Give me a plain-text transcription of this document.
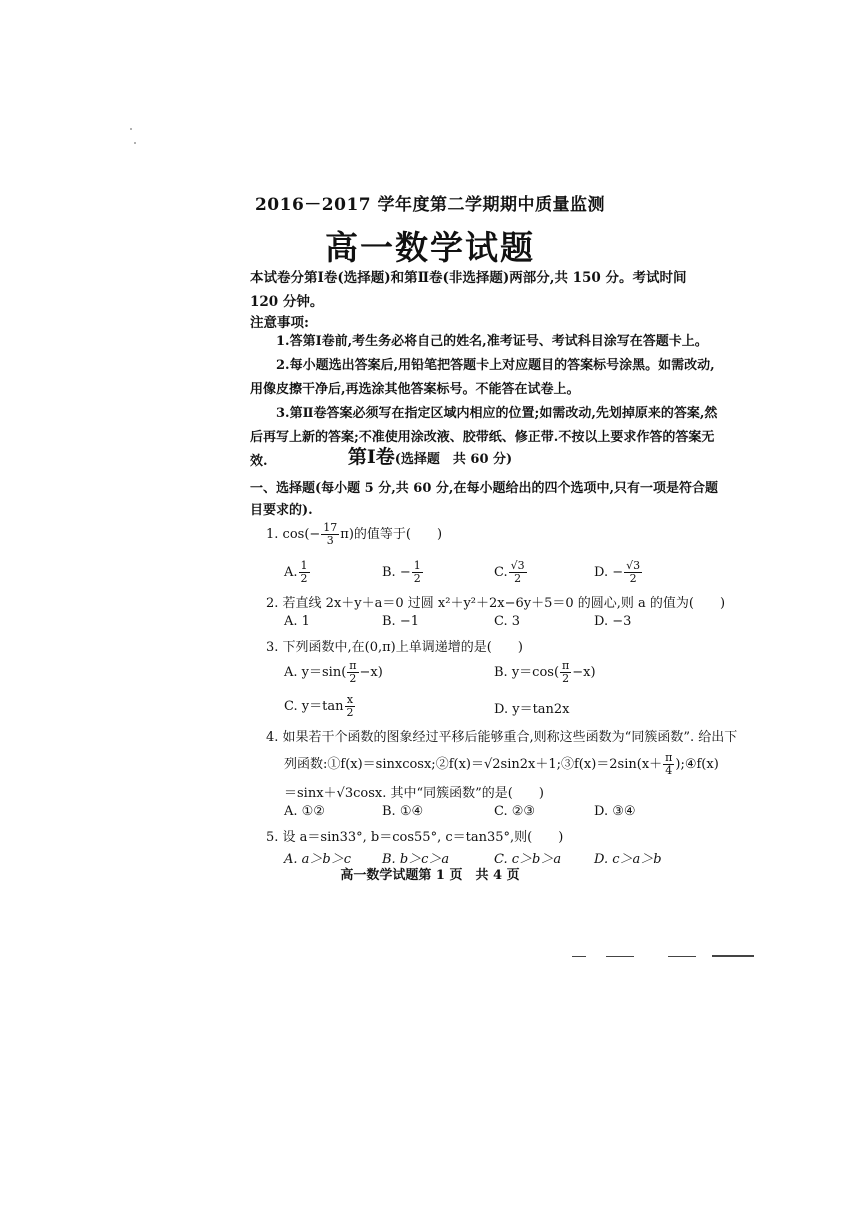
2016－2017 学年度第二学期期中质量监测
高一数学试题
本试卷分第Ⅰ卷(选择题)和第Ⅱ卷(非选择题)两部分,共 150 分。考试时间 120 分钟。
注意事项:
1.答第Ⅰ卷前,考生务必将自己的姓名,准考证号、考试科目涂写在答题卡上。
2.每小题选出答案后,用铅笔把答题卡上对应题目的答案标号涂黑。如需改动,用像皮擦干净后,再选涂其他答案标号。不能答在试卷上。
3.第Ⅱ卷答案必须写在指定区域内相应的位置;如需改动,先划掉原来的答案,然后再写上新的答案;不准使用涂改液、胶带纸、修正带.不按以上要求作答的答案无效.	第Ⅰ卷(选择题　共 60 分)
一、选择题(每小题 5 分,共 60 分,在每小题给出的四个选项中,只有一项是符合题目要求的).
1. $\cos(- \frac{17}{3} \pi)$的值等于(　　)
A. $\frac{1}{2}$	B. − $\frac{1}{2}$	C. $\frac{√3}{2}$	D. − $\frac{√3}{2}$
2. 若直线 2x＋y＋a＝0 过圆 x²＋y²＋2x−6y＋5＝0 的圆心,则 a 的值为(　　)
A. 1	B. −1	C. 3	D. −3
3. 下列函数中,在(0,π)上单调递增的是(　　)
A. $y=\sin( \frac{\pi}{2} -x)$	B. $y=\cos( \frac{\pi}{2} -x)$
C. $y=\tan \frac{x}{2}$	D. y＝tan2x
4. 如果若干个函数的图象经过平移后能够重合,则称这些函数为“同簇函数”. 给出下
列函数:①f(x)＝sinxcosx;②f(x)＝√2sin2x＋1;③f(x)＝2sin(x＋ $\frac{\pi}{4}$ );④f(x)
＝sinx＋√3cosx. 其中“同簇函数”的是(　　)
A. ①②	B. ①④	C. ②③	D. ③④
5. 设 a＝sin33°, b＝cos55°, c＝tan35°,则(　　)
A. a＞b＞c B. b＞c＞a	C. c＞b＞a	D. c＞a＞b
高一数学试题第 1 页　共 4 页
